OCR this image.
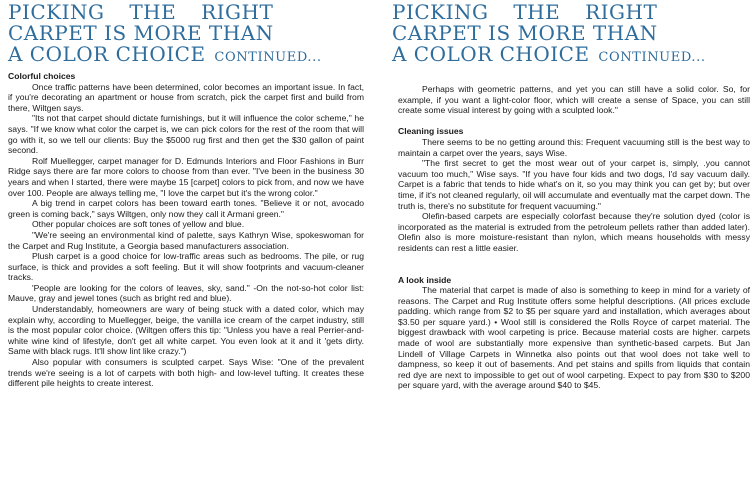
PICKING THE RIGHT
CARPET IS MORE THAN
A COLOR CHOICE CONTINUED...

Colorful choices

Once traffic patterns have been determined, color becomes an important issue. In fact, if you're decorating an apartment or house from scratch, pick the carpet first and build from there, Wiltgen says.

"Its not that carpet should dictate furnishings, but it will influence the color scheme," he says. "If we know what color the carpet is, we can pick colors for the rest of the room that will go with it, so we tell our clients: Buy the $5000 rug first and then get the $30 gallon of paint second.

Rolf Muellegger, carpet manager for D. Edmunds Interiors and Floor Fashions in Burr Ridge says there are far more colors to choose from than ever. "I've been in the business 30 years and when I started, there were maybe 15 [carpet] colors to pick from, and now we have over 100. People are always telling me, "I love the carpet but it's the wrong color."

A big trend in carpet colors has been toward earth tones. "Believe it or not, avocado green is coming back," says Wiltgen, only now they call it Armani green."

Other popular choices are soft tones of yellow and blue.

"We're seeing an environmental kind of palette, says Kathryn Wise, spokeswoman for the Carpet and Rug Institute, a Georgia based manufacturers association.

Plush carpet is a good choice for low-traffic areas such as bedrooms. The pile, or rug surface, is thick and provides a soft feeling. But it will show footprints and vacuum-cleaner tracks.

'People are looking for the colors of leaves, sky, sand." -On the not-so-hot color list: Mauve, gray and jewel tones (such as bright red and blue).

Understandably, homeowners are wary of being stuck with a dated color, which may explain why, according to Muellegger, beige, the vanilla ice cream of the carpet industry, still is the most popular color choice. (Wiltgen offers this tip: "Unless you have a real Perrier-and-white wine kind of lifestyle, don't get all white carpet. You even look at it and it 'gets dirty. Same with black rugs. It'll show lint like crazy.")

Also popular with consumers is sculpted carpet. Says Wise: "One of the prevalent trends we're seeing is a lot of carpets with both high- and low-level tufting. It creates these different pile heights to create interest.

PICKING THE RIGHT
CARPET IS MORE THAN
A COLOR CHOICE CONTINUED...

Perhaps with geometric patterns, and yet you can still have a solid color. So, for example, if you want a light-color floor, which will create a sense of Space, you can still create some visual interest by going with a sculpted look."

Cleaning issues

There seems to be no getting around this: Frequent vacuuming still is the best way to maintain a carpet over the years, says Wise.

"The first secret to get the most wear out of your carpet is, simply, .you cannot vacuum too much," Wise says. "If you have four kids and two dogs, I'd say vacuum daily. Carpet is a fabric that tends to hide what's on it, so you may think you can get by; but over time, if it's not cleaned regularly, oil will accumulate and eventually mat the carpet down. The truth is, there's no substitute for frequent vacuuming."

Olefin-based carpets are especially colorfast because they're solution dyed (color is incorporated as the material is extruded from the petroleum pellets rather than added later). Olefin also is more moisture-resistant than nylon, which means households with messy residents can rest a little easier.

A look inside

The material that carpet is made of also is something to keep in mind for a variety of reasons. The Carpet and Rug Institute offers some helpful descriptions. (All prices exclude padding. which range from $2 to $5 per square yard and installation, which averages about $3.50 per square yard.) • Wool still is considered the Rolls Royce of carpet material. The biggest drawback with wool carpeting is price. Because material costs are higher. carpets made of wool are substantially more expensive than synthetic-based carpets. But Jan Lindell of Village Carpets in Winnetka also points out that wool does not take well to dampness, so keep it out of basements. And pet stains and spills from liquids that contain red dye are next to impossible to get out of wool carpeting. Expect to pay from $30 to $200 per square yard, with the average around $40 to $45.
